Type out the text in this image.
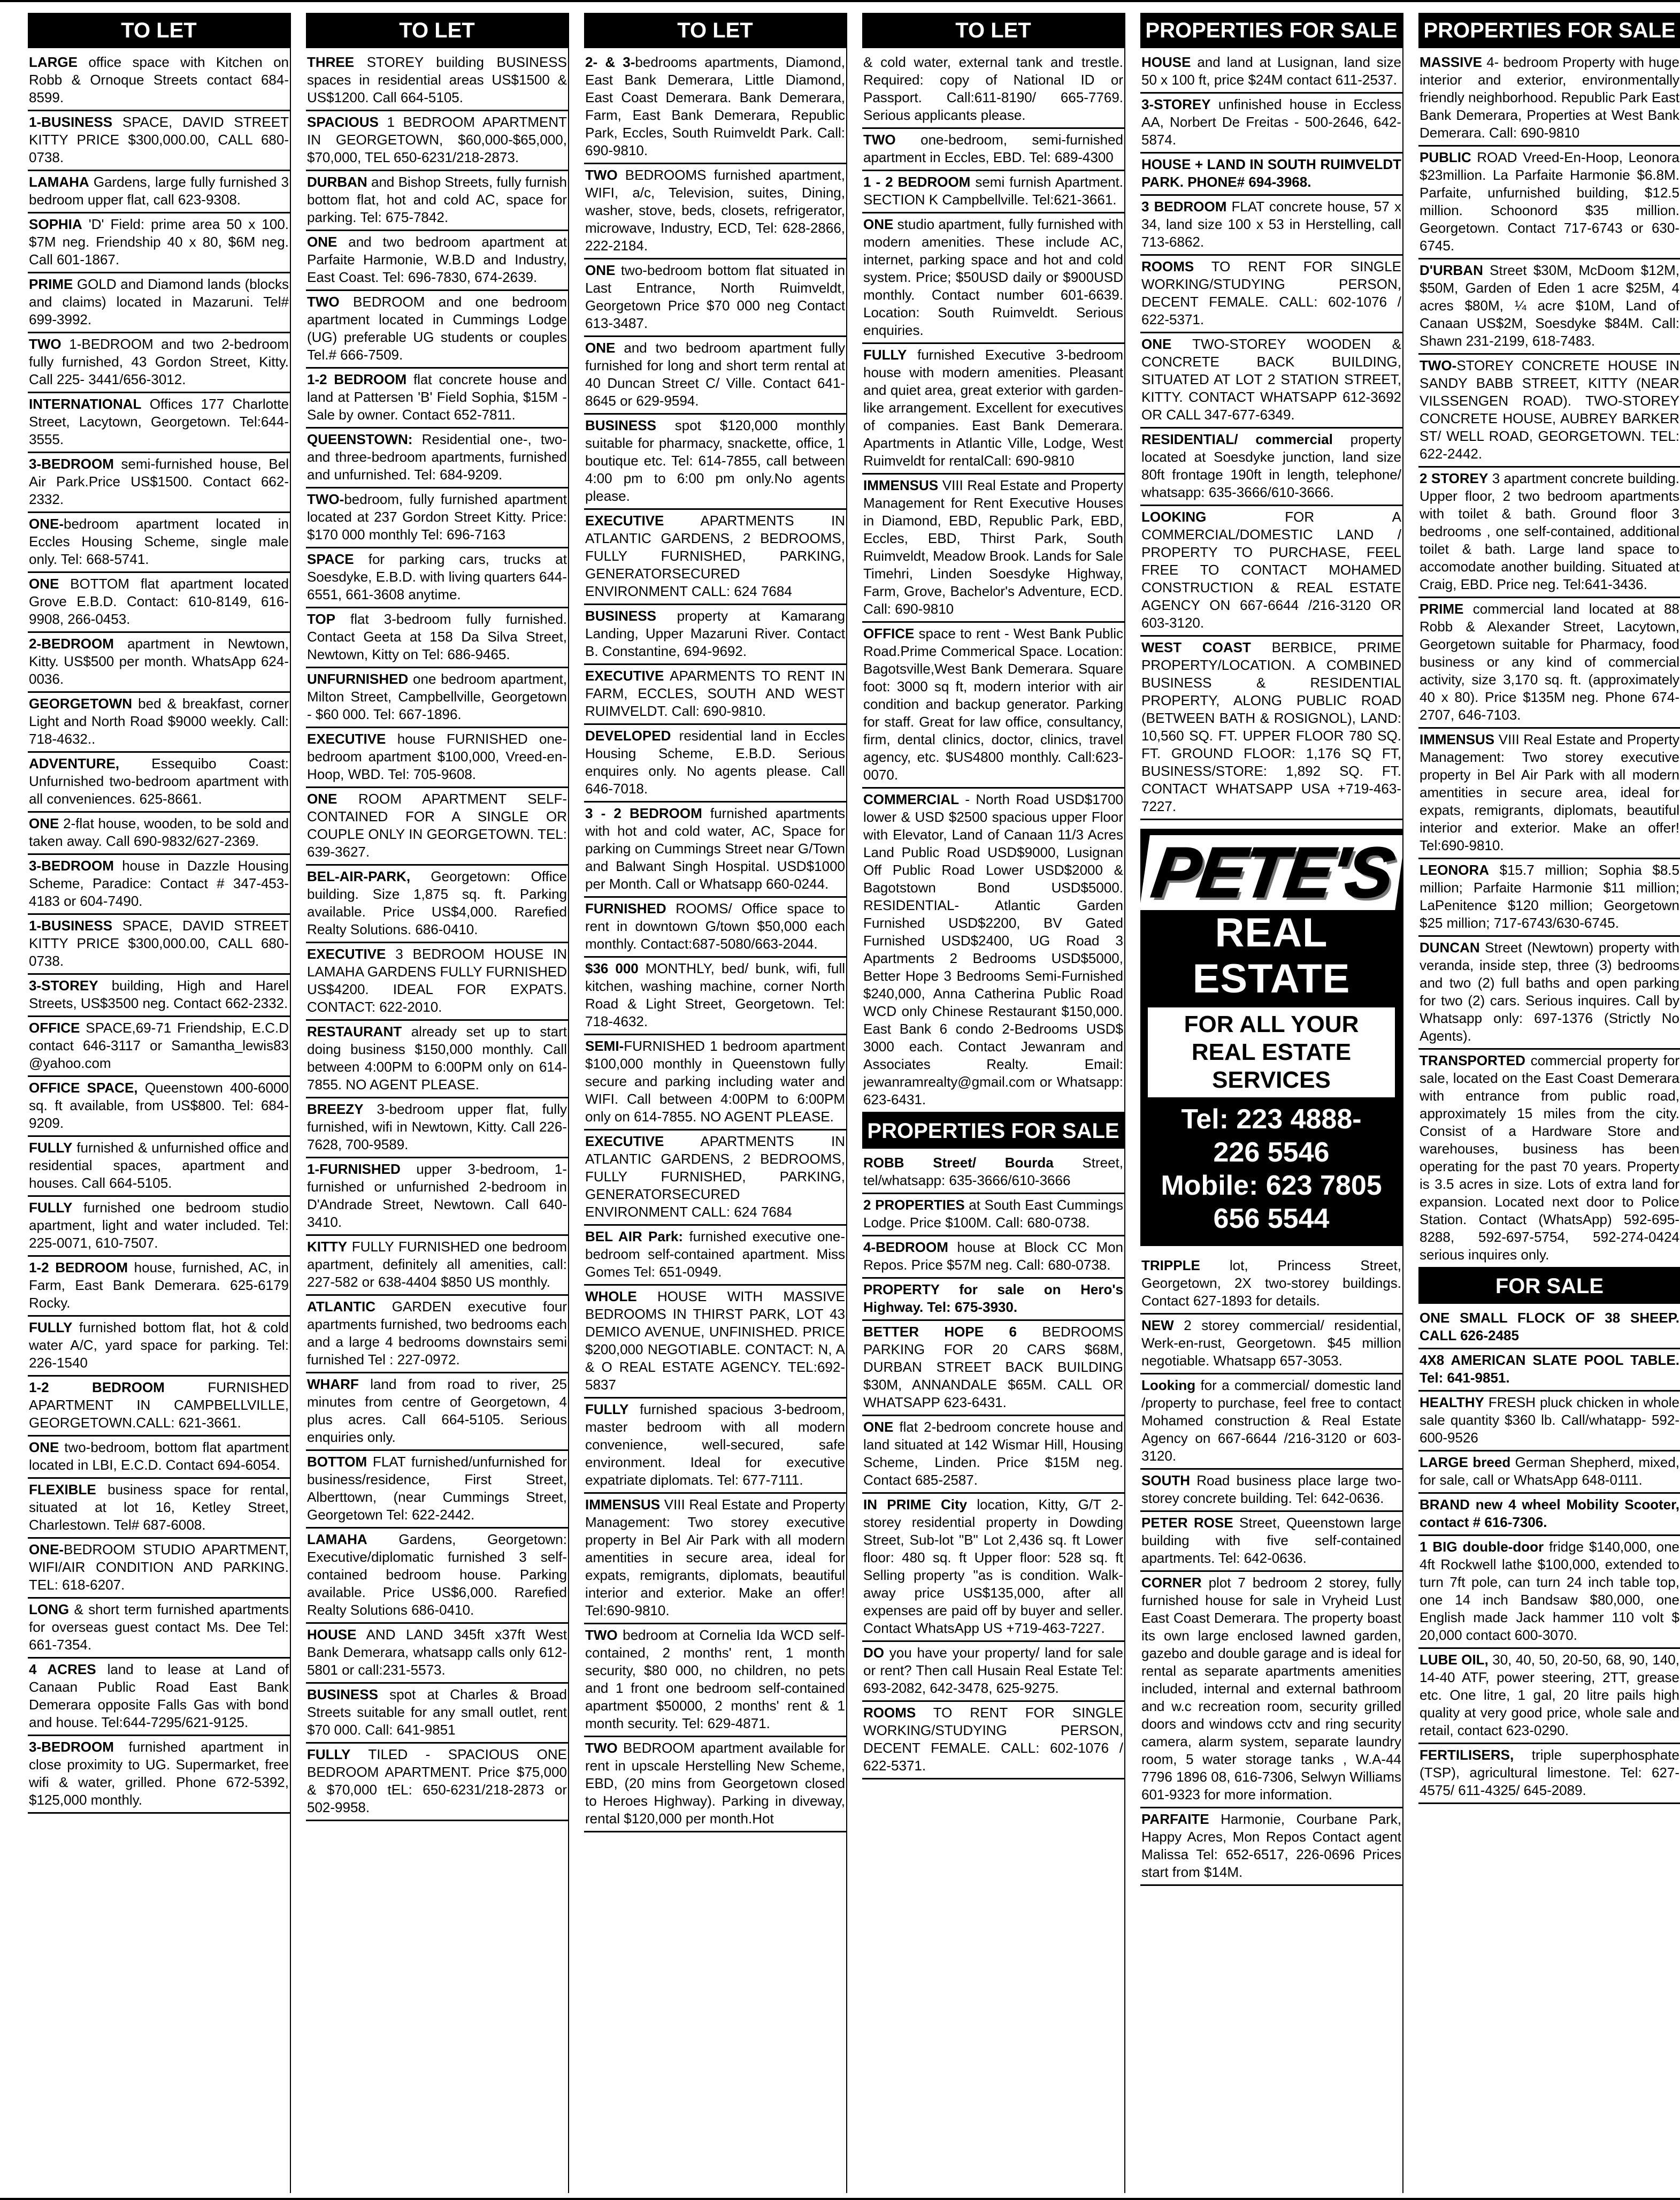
TO LET
LARGE office space with Kitchen on Robb & Ornoque Streets contact 684-8599.
1-BUSINESS SPACE, DAVID STREET KITTY PRICE $300,000.00, CALL 680-0738.
LAMAHA Gardens, large fully furnished 3 bedroom upper flat, call 623-9308.
SOPHIA 'D' Field: prime area 50 x 100. $7M neg. Friendship 40 x 80, $6M neg. Call 601-1867.
PRIME GOLD and Diamond lands (blocks and claims) located in Mazaruni. Tel# 699-3992.
TWO 1-BEDROOM and two 2-bedroom fully furnished, 43 Gordon Street, Kitty. Call 225- 3441/656-3012.
INTERNATIONAL Offices 177 Charlotte Street, Lacytown, Georgetown. Tel:644-3555.
3-BEDROOM semi-furnished house, Bel Air Park.Price US$1500. Contact 662-2332.
ONE-bedroom apartment located in Eccles Housing Scheme, single male only. Tel: 668-5741.
ONE BOTTOM flat apartment located Grove E.B.D. Contact: 610-8149, 616-9908, 266-0453.
2-BEDROOM apartment in Newtown, Kitty. US$500 per month. WhatsApp 624-0036.
GEORGETOWN bed & breakfast, corner Light and North Road $9000 weekly. Call: 718-4632..
ADVENTURE, Essequibo Coast: Unfurnished two-bedroom apartment with all conveniences. 625-8661.
ONE 2-flat house, wooden, to be sold and taken away. Call 690-9832/627-2369.
3-BEDROOM house in Dazzle Housing Scheme, Paradice: Contact # 347-453-4183 or 604-7490.
1-BUSINESS SPACE, DAVID STREET KITTY PRICE $300,000.00, CALL 680-0738.
3-STOREY building, High and Harel Streets, US$3500 neg. Contact 662-2332.
OFFICE SPACE,69-71 Friendship, E.C.D contact 646-3117 or Samantha_lewis83 @yahoo.com
OFFICE SPACE, Queenstown 400-6000 sq. ft available, from US$800. Tel: 684-9209.
FULLY furnished & unfurnished office and residential spaces, apartment and houses. Call 664-5105.
FULLY furnished one bedroom studio apartment, light and water included. Tel: 225-0071, 610-7507.
1-2 BEDROOM house, furnished, AC, in Farm, East Bank Demerara. 625-6179 Rocky.
FULLY furnished bottom flat, hot & cold water A/C, yard space for parking. Tel: 226-1540
1-2 BEDROOM FURNISHED APARTMENT IN CAMPBELLVILLE, GEORGETOWN.CALL: 621-3661.
ONE two-bedroom, bottom flat apartment located in LBI, E.C.D. Contact 694-6054.
FLEXIBLE business space for rental, situated at lot 16, Ketley Street, Charlestown. Tel# 687-6008.
ONE-BEDROOM STUDIO APARTMENT, WIFI/AIR CONDITION AND PARKING. TEL: 618-6207.
LONG & short term furnished apartments for overseas guest contact Ms. Dee Tel: 661-7354.
4 ACRES land to lease at Land of Canaan Public Road East Bank Demerara opposite Falls Gas with bond and house. Tel:644-7295/621-9125.
3-BEDROOM furnished apartment in close proximity to UG. Supermarket, free wifi & water, grilled. Phone 672-5392, $125,000 monthly.
TO LET
THREE STOREY building BUSINESS spaces in residential areas US$1500 & US$1200. Call 664-5105.
SPACIOUS 1 BEDROOM APARTMENT IN GEORGETOWN, $60,000-$65,000, $70,000, TEL 650-6231/218-2873.
DURBAN and Bishop Streets, fully furnish bottom flat, hot and cold AC, space for parking. Tel: 675-7842.
ONE and two bedroom apartment at Parfaite Harmonie, W.B.D and Industry, East Coast. Tel: 696-7830, 674-2639.
TWO BEDROOM and one bedroom apartment located in Cummings Lodge (UG) preferable UG students or couples Tel.# 666-7509.
1-2 BEDROOM flat concrete house and land at Pattersen 'B' Field Sophia, $15M - Sale by owner. Contact 652-7811.
QUEENSTOWN: Residential one-, two- and three-bedroom apartments, furnished and unfurnished. Tel: 684-9209.
TWO-bedroom, fully furnished apartment located at 237 Gordon Street Kitty. Price: $170 000 monthly Tel: 696-7163
SPACE for parking cars, trucks at Soesdyke, E.B.D. with living quarters 644-6551, 661-3608 anytime.
TOP flat 3-bedroom fully furnished. Contact Geeta at 158 Da Silva Street, Newtown, Kitty on Tel: 686-9465.
UNFURNISHED one bedroom apartment, Milton Street, Campbellville, Georgetown - $60 000. Tel: 667-1896.
EXECUTIVE house FURNISHED one-bedroom apartment $100,000, Vreed-en-Hoop, WBD. Tel: 705-9608.
ONE ROOM APARTMENT SELF-CONTAINED FOR A SINGLE OR COUPLE ONLY IN GEORGETOWN. TEL: 639-3627.
BEL-AIR-PARK, Georgetown: Office building. Size 1,875 sq. ft. Parking available. Price US$4,000. Rarefied Realty Solutions. 686-0410.
EXECUTIVE 3 BEDROOM HOUSE IN LAMAHA GARDENS FULLY FURNISHED US$4200. IDEAL FOR EXPATS. CONTACT: 622-2010.
RESTAURANT already set up to start doing business $150,000 monthly. Call between 4:00PM to 6:00PM only on 614-7855. NO AGENT PLEASE.
BREEZY 3-bedroom upper flat, fully furnished, wifi in Newtown, Kitty. Call 226-7628, 700-9589.
1-FURNISHED upper 3-bedroom, 1-furnished or unfurnished 2-bedroom in D'Andrade Street, Newtown. Call 640-3410.
KITTY FULLY FURNISHED one bedroom apartment, definitely all amenities, call: 227-582 or 638-4404 $850 US monthly.
ATLANTIC GARDEN executive four apartments furnished, two bedrooms each and a large 4 bedrooms downstairs semi furnished Tel : 227-0972.
WHARF land from road to river, 25 minutes from centre of Georgetown, 4 plus acres. Call 664-5105. Serious enquiries only.
BOTTOM FLAT furnished/unfurnished for business/residence, First Street, Alberttown, (near Cummings Street, Georgetown Tel: 622-2442.
LAMAHA Gardens, Georgetown: Executive/diplomatic furnished 3 self-contained bedroom house. Parking available. Price US$6,000. Rarefied Realty Solutions 686-0410.
HOUSE AND LAND 345ft x37ft West Bank Demerara, whatsapp calls only 612-5801 or call:231-5573.
BUSINESS spot at Charles & Broad Streets suitable for any small outlet, rent $70 000. Call: 641-9851
FULLY TILED - SPACIOUS ONE BEDROOM APARTMENT. Price $75,000 & $70,000 tEL: 650-6231/218-2873 or 502-9958.
TO LET
2- & 3-bedrooms apartments, Diamond, East Bank Demerara, Little Diamond, East Coast Demerara. Bank Demerara, Farm, East Bank Demerara, Republic Park, Eccles, South Ruimveldt Park. Call: 690-9810.
TWO BEDROOMS furnished apartment, WIFI, a/c, Television, suites, Dining, washer, stove, beds, closets, refrigerator, microwave, Industry, ECD, Tel: 628-2866, 222-2184.
ONE two-bedroom bottom flat situated in Last Entrance, North Ruimveldt, Georgetown Price $70 000 neg Contact 613-3487.
ONE and two bedroom apartment fully furnished for long and short term rental at 40 Duncan Street C/ Ville. Contact 641-8645 or 629-9594.
BUSINESS spot $120,000 monthly suitable for pharmacy, snackette, office, 1 boutique etc. Tel: 614-7855, call between 4:00 pm to 6:00 pm only.No agents please.
EXECUTIVE APARTMENTS IN ATLANTIC GARDENS, 2 BEDROOMS, FULLY FURNISHED, PARKING, GENERATORSECURED ENVIRONMENT CALL: 624 7684
BUSINESS property at Kamarang Landing, Upper Mazaruni River. Contact B. Constantine, 694-9692.
EXECUTIVE APARMENTS TO RENT IN FARM, ECCLES, SOUTH AND WEST RUIMVELDT. Call: 690-9810.
DEVELOPED residential land in Eccles Housing Scheme, E.B.D. Serious enquires only. No agents please. Call 646-7018.
3 - 2 BEDROOM furnished apartments with hot and cold water, AC, Space for parking on Cummings Street near G/Town and Balwant Singh Hospital. USD$1000 per Month. Call or Whatsapp 660-0244.
FURNISHED ROOMS/ Office space to rent in downtown G/town $50,000 each monthly. Contact:687-5080/663-2044.
$36 000 MONTHLY, bed/ bunk, wifi, full kitchen, washing machine, corner North Road & Light Street, Georgetown. Tel: 718-4632.
SEMI-FURNISHED 1 bedroom apartment $100,000 monthly in Queenstown fully secure and parking including water and WIFI. Call between 4:00PM to 6:00PM only on 614-7855. NO AGENT PLEASE.
EXECUTIVE APARTMENTS IN ATLANTIC GARDENS, 2 BEDROOMS, FULLY FURNISHED, PARKING, GENERATORSECURED ENVIRONMENT CALL: 624 7684
BEL AIR Park: furnished executive one-bedroom self-contained apartment. Miss Gomes Tel: 651-0949.
WHOLE HOUSE WITH MASSIVE BEDROOMS IN THIRST PARK, LOT 43 DEMICO AVENUE, UNFINISHED. PRICE $200,000 NEGOTIABLE. CONTACT: N, A & O REAL ESTATE AGENCY. TEL:692-5837
FULLY furnished spacious 3-bedroom, master bedroom with all modern convenience, well-secured, safe environment. Ideal for executive expatriate diplomats. Tel: 677-7111.
IMMENSUS VIII Real Estate and Property Management: Two storey executive property in Bel Air Park with all modern amentities in secure area, ideal for expats, remigrants, diplomats, beautiful interior and exterior. Make an offer! Tel:690-9810.
TWO bedroom at Cornelia Ida WCD self-contained, 2 months' rent, 1 month security, $80 000, no children, no pets and 1 front one bedroom self-contained apartment $50000, 2 months' rent & 1 month security. Tel: 629-4871.
TWO BEDROOM apartment available for rent in upscale Herstelling New Scheme, EBD, (20 mins from Georgetown closed to Heroes Highway). Parking in diveway, rental $120,000 per month.Hot
TO LET
& cold water, external tank and trestle. Required: copy of National ID or Passport. Call:611-8190/ 665-7769. Serious applicants please.
TWO one-bedroom, semi-furnished apartment in Eccles, EBD. Tel: 689-4300
1 - 2 BEDROOM semi furnish Apartment. SECTION K Campbellville. Tel:621-3661.
ONE studio apartment, fully furnished with modern amenities. These include AC, internet, parking space and hot and cold system. Price; $50USD daily or $900USD monthly. Contact number 601-6639. Location: South Ruimveldt. Serious enquiries.
FULLY furnished Executive 3-bedroom house with modern amenities. Pleasant and quiet area, great exterior with garden- like arrangement. Excellent for executives of companies. East Bank Demerara. Apartments in Atlantic Ville, Lodge, West Ruimveldt for rentalCall: 690-9810
IMMENSUS VIII Real Estate and Property Management for Rent Executive Houses in Diamond, EBD, Republic Park, EBD, Eccles, EBD, Thirst Park, South Ruimveldt, Meadow Brook. Lands for Sale Timehri, Linden Soesdyke Highway, Farm, Grove, Bachelor's Adventure, ECD. Call: 690-9810
OFFICE space to rent - West Bank Public Road.Prime Commerical Space. Location: Bagotsville,West Bank Demerara. Square foot: 3000 sq ft, modern interior with air condition and backup generator. Parking for staff. Great for law office, consultancy, firm, dental clinics, doctor, clinics, travel agency, etc. $US4800 monthly. Call:623-0070.
COMMERCIAL - North Road USD$1700 lower & USD $2500 spacious upper Floor with Elevator, Land of Canaan 11/3 Acres Land Public Road USD$9000, Lusignan Off Public Road Lower USD$2000 & Bagotstown Bond USD$5000. RESIDENTIAL- Atlantic Garden Furnished USD$2200, BV Gated Furnished USD$2400, UG Road 3 Apartments 2 Bedrooms USD$5000, Better Hope 3 Bedrooms Semi-Furnished $240,000, Anna Catherina Public Road WCD only Chinese Restaurant $150,000. East Bank 6 condo 2-Bedrooms USD$ 3000 each. Contact Jewanram and Associates Realty. Email: jewanramrealty@gmail.com or Whatsapp: 623-6431.
PROPERTIES FOR SALE
ROBB Street/ Bourda Street, tel/whatsapp: 635-3666/610-3666
2 PROPERTIES at South East Cummings Lodge. Price $100M. Call: 680-0738.
4-BEDROOM house at Block CC Mon Repos. Price $57M neg. Call: 680-0738.
PROPERTY for sale on Hero's Highway. Tel: 675-3930.
BETTER HOPE 6 BEDROOMS PARKING FOR 20 CARS $68M, DURBAN STREET BACK BUILDING $30M, ANNANDALE $65M. CALL OR WHATSAPP 623-6431.
ONE flat 2-bedroom concrete house and land situated at 142 Wismar Hill, Housing Scheme, Linden. Price $15M neg. Contact 685-2587.
IN PRIME City location, Kitty, G/T 2-storey residential property in Dowding Street, Sub-lot "B" Lot 2,436 sq. ft Lower floor: 480 sq. ft Upper floor: 528 sq. ft Selling property "as is condition. Walk-away price US$135,000, after all expenses are paid off by buyer and seller. Contact WhatsApp US +719-463-7227.
DO you have your property/ land for sale or rent? Then call Husain Real Estate Tel: 693-2082, 642-3478, 625-9275.
ROOMS TO RENT FOR SINGLE WORKING/STUDYING PERSON, DECENT FEMALE. CALL: 602-1076 / 622-5371.
PROPERTIES FOR SALE
HOUSE and land at Lusignan, land size 50 x 100 ft, price $24M contact 611-2537.
3-STOREY unfinished house in Eccless AA, Norbert De Freitas - 500-2646, 642-5874.
HOUSE + LAND IN SOUTH RUIMVELDT PARK. PHONE# 694-3968.
3 BEDROOM FLAT concrete house, 57 x 34, land size 100 x 53 in Herstelling, call 713-6862.
ROOMS TO RENT FOR SINGLE WORKING/STUDYING PERSON, DECENT FEMALE. CALL: 602-1076 / 622-5371.
ONE TWO-STOREY WOODEN & CONCRETE BACK BUILDING, SITUATED AT LOT 2 STATION STREET, KITTY. CONTACT WHATSAPP 612-3692 OR CALL 347-677-6349.
RESIDENTIAL/ commercial property located at Soesdyke junction, land size 80ft frontage 190ft in length, telephone/ whatsapp: 635-3666/610-3666.
LOOKING FOR A COMMERCIAL/DOMESTIC LAND / PROPERTY TO PURCHASE, FEEL FREE TO CONTACT MOHAMED CONSTRUCTION & REAL ESTATE AGENCY ON 667-6644 /216-3120 OR 603-3120.
WEST COAST BERBICE, PRIME PROPERTY/LOCATION. A COMBINED BUSINESS & RESIDENTIAL PROPERTY, ALONG PUBLIC ROAD (BETWEEN BATH & ROSIGNOL), LAND: 10,560 SQ. FT. UPPER FLOOR 780 SQ. FT. GROUND FLOOR: 1,176 SQ FT, BUSINESS/STORE: 1,892 SQ. FT. CONTACT WHATSAPP USA +719-463-7227.
PETE'S
REAL ESTATE
FOR ALL YOUR REAL ESTATE SERVICES
Tel: 223 4888-
226 5546
Mobile: 623 7805
656 5544
TRIPPLE lot, Princess Street, Georgetown, 2X two-storey buildings. Contact 627-1893 for details.
NEW 2 storey commercial/ residential, Werk-en-rust, Georgetown. $45 million negotiable. Whatsapp 657-3053.
Looking for a commercial/ domestic land /property to purchase, feel free to contact Mohamed construction & Real Estate Agency on 667-6644 /216-3120 or 603-3120.
SOUTH Road business place large two-storey concrete building. Tel: 642-0636.
PETER ROSE Street, Queenstown large building with five self-contained apartments. Tel: 642-0636.
CORNER plot 7 bedroom 2 storey, fully furnished house for sale in Vryheid Lust East Coast Demerara. The property boast its own large enclosed lawned garden, gazebo and double garage and is ideal for rental as separate apartments amenities included, internal and external bathroom and w.c recreation room, security grilled doors and windows cctv and ring security camera, alarm system, separate laundry room, 5 water storage tanks , W.A-44 7796 1896 08, 616-7306, Selwyn Williams 601-9323 for more information.
PARFAITE Harmonie, Courbane Park, Happy Acres, Mon Repos Contact agent Malissa Tel: 652-6517, 226-0696 Prices start from $14M.
PROPERTIES FOR SALE
MASSIVE 4- bedroom Property with huge interior and exterior, environmentally friendly neighborhood. Republic Park East Bank Demerara, Properties at West Bank Demerara. Call: 690-9810
PUBLIC ROAD Vreed-En-Hoop, Leonora $23million. La Parfaite Harmonie $6.8M. Parfaite, unfurnished building, $12.5 million. Schoonord $35 million. Georgetown. Contact 717-6743 or 630-6745.
D'URBAN Street $30M, McDoom $12M, $50M, Garden of Eden 1 acre $25M, 4 acres $80M, ¼ acre $10M, Land of Canaan US$2M, Soesdyke $84M. Call: Shawn 231-2199, 618-7483.
TWO-STOREY CONCRETE HOUSE IN SANDY BABB STREET, KITTY (NEAR VILSSENGEN ROAD). TWO-STOREY CONCRETE HOUSE, AUBREY BARKER ST/ WELL ROAD, GEORGETOWN. TEL: 622-2442.
2 STOREY 3 apartment concrete building. Upper floor, 2 two bedroom apartments with toilet & bath. Ground floor 3 bedrooms , one self-contained, additional toilet & bath. Large land space to accomodate another building. Situated at Craig, EBD. Price neg. Tel:641-3436.
PRIME commercial land located at 88 Robb & Alexander Street, Lacytown, Georgetown suitable for Pharmacy, food business or any kind of commercial activity, size 3,170 sq. ft. (approximately 40 x 80). Price $135M neg. Phone 674-2707, 646-7103.
IMMENSUS VIII Real Estate and Property Management: Two storey executive property in Bel Air Park with all modern amentities in secure area, ideal for expats, remigrants, diplomats, beautiful interior and exterior. Make an offer! Tel:690-9810.
LEONORA $15.7 million; Sophia $8.5 million; Parfaite Harmonie $11 million; LaPenitence $120 million; Georgetown $25 million; 717-6743/630-6745.
DUNCAN Street (Newtown) property with veranda, inside step, three (3) bedrooms and two (2) full baths and open parking for two (2) cars. Serious inquires. Call by Whatsapp only: 697-1376 (Strictly No Agents).
TRANSPORTED commercial property for sale, located on the East Coast Demerara with entrance from public road, approximately 15 miles from the city. Consist of a Hardware Store and warehouses, business has been operating for the past 70 years. Property is 3.5 acres in size. Lots of extra land for expansion. Located next door to Police Station. Contact (WhatsApp) 592-695-8288, 592-697-5754, 592-274-0424 serious inquires only.
FOR SALE
ONE SMALL FLOCK OF 38 SHEEP. CALL 626-2485
4X8 AMERICAN SLATE POOL TABLE. Tel: 641-9851.
HEALTHY FRESH pluck chicken in whole sale quantity $360 lb. Call/whatapp- 592-600-9526
LARGE breed German Shepherd, mixed, for sale, call or WhatsApp 648-0111.
BRAND new 4 wheel Mobility Scooter, contact # 616-7306.
1 BIG double-door fridge $140,000, one 4ft Rockwell lathe $100,000, extended to turn 7ft pole, can turn 24 inch table top, one 14 inch Bandsaw $80,000, one English made Jack hammer 110 volt $ 20,000 contact 600-3070.
LUBE OIL, 30, 40, 50, 20-50, 68, 90, 140, 14-40 ATF, power steering, 2TT, grease etc. One litre, 1 gal, 20 litre pails high quality at very good price, whole sale and retail, contact 623-0290.
FERTILISERS, triple superphosphate (TSP), agricultural limestone. Tel: 627-4575/ 611-4325/ 645-2089.
